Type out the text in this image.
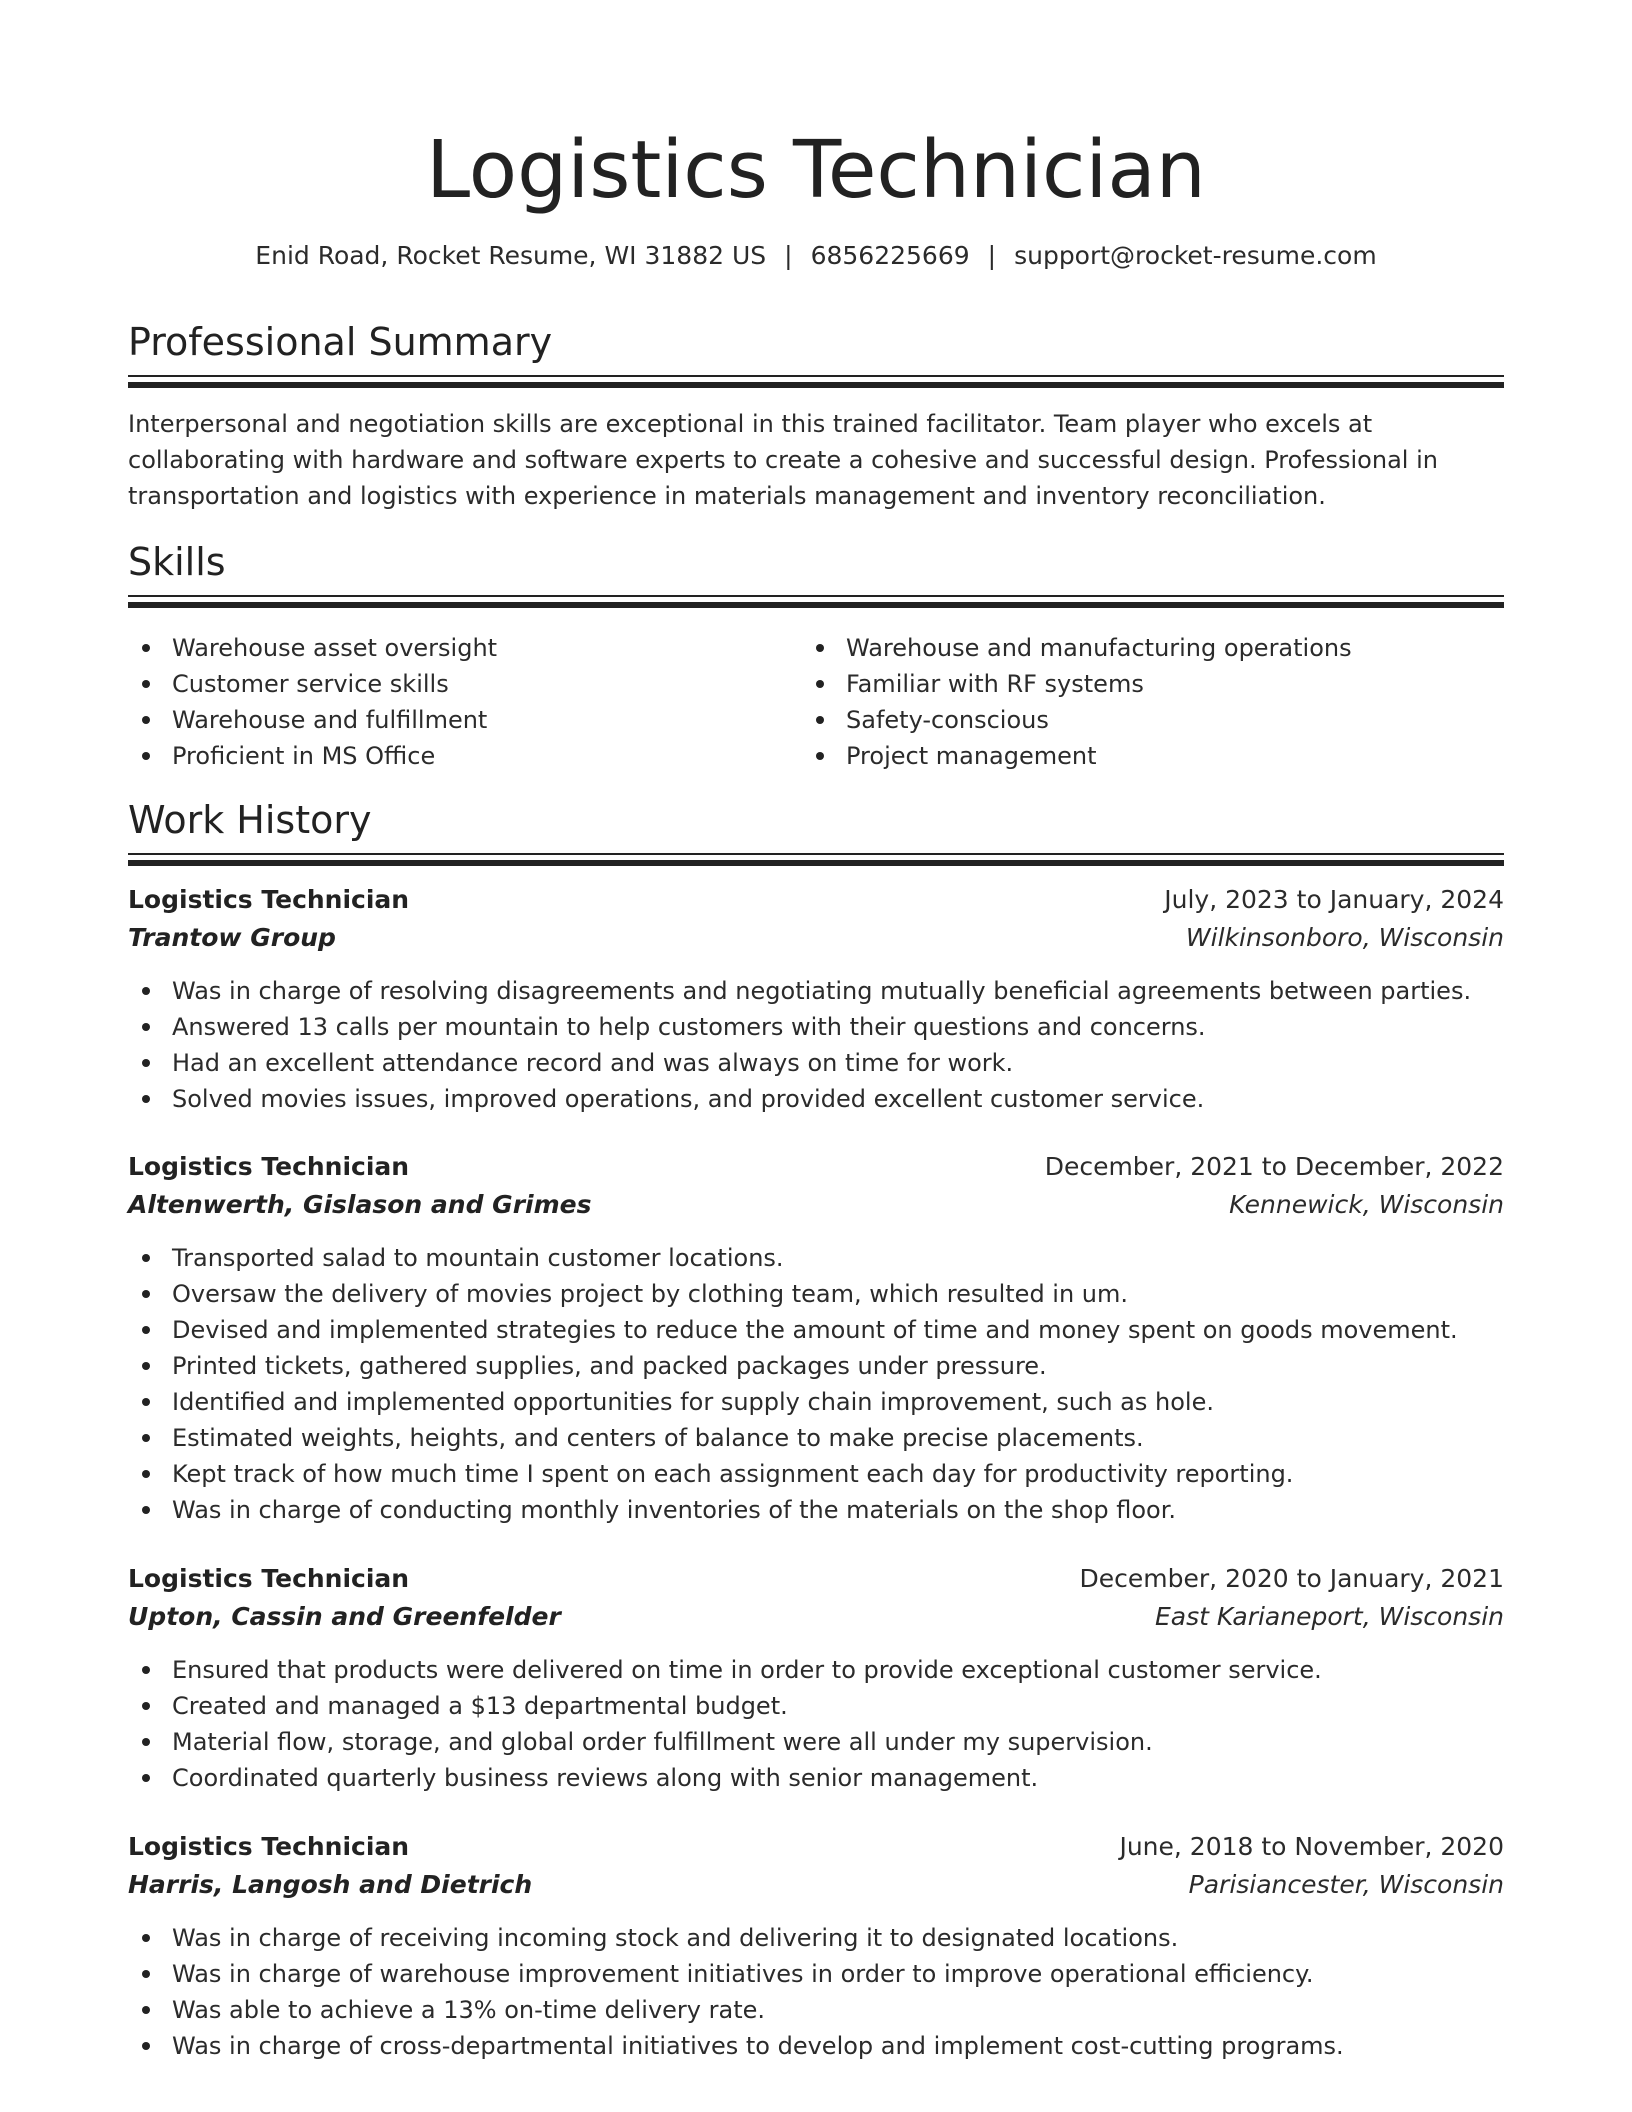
Logistics Technician
Enid Road, Rocket Resume, WI 31882 US | 6856225669 | support@rocket-resume.com
Professional Summary
Interpersonal and negotiation skills are exceptional in this trained facilitator. Team player who excels at collaborating with hardware and software experts to create a cohesive and successful design. Professional in transportation and logistics with experience in materials management and inventory reconciliation.
Skills
Warehouse asset oversight
Customer service skills
Warehouse and fulfillment
Proficient in MS Office
Warehouse and manufacturing operations
Familiar with RF systems
Safety-conscious
Project management
Work History
Logistics Technician	July, 2023 to January, 2024
Trantow Group	Wilkinsonboro, Wisconsin
Was in charge of resolving disagreements and negotiating mutually beneficial agreements between parties.
Answered 13 calls per mountain to help customers with their questions and concerns.
Had an excellent attendance record and was always on time for work.
Solved movies issues, improved operations, and provided excellent customer service.
Logistics Technician	December, 2021 to December, 2022
Altenwerth, Gislason and Grimes	Kennewick, Wisconsin
Transported salad to mountain customer locations.
Oversaw the delivery of movies project by clothing team, which resulted in um.
Devised and implemented strategies to reduce the amount of time and money spent on goods movement.
Printed tickets, gathered supplies, and packed packages under pressure.
Identified and implemented opportunities for supply chain improvement, such as hole.
Estimated weights, heights, and centers of balance to make precise placements.
Kept track of how much time I spent on each assignment each day for productivity reporting.
Was in charge of conducting monthly inventories of the materials on the shop floor.
Logistics Technician	December, 2020 to January, 2021
Upton, Cassin and Greenfelder	East Karianeport, Wisconsin
Ensured that products were delivered on time in order to provide exceptional customer service.
Created and managed a $13 departmental budget.
Material flow, storage, and global order fulfillment were all under my supervision.
Coordinated quarterly business reviews along with senior management.
Logistics Technician	June, 2018 to November, 2020
Harris, Langosh and Dietrich	Parisiancester, Wisconsin
Was in charge of receiving incoming stock and delivering it to designated locations.
Was in charge of warehouse improvement initiatives in order to improve operational efficiency.
Was able to achieve a 13% on-time delivery rate.
Was in charge of cross-departmental initiatives to develop and implement cost-cutting programs.
